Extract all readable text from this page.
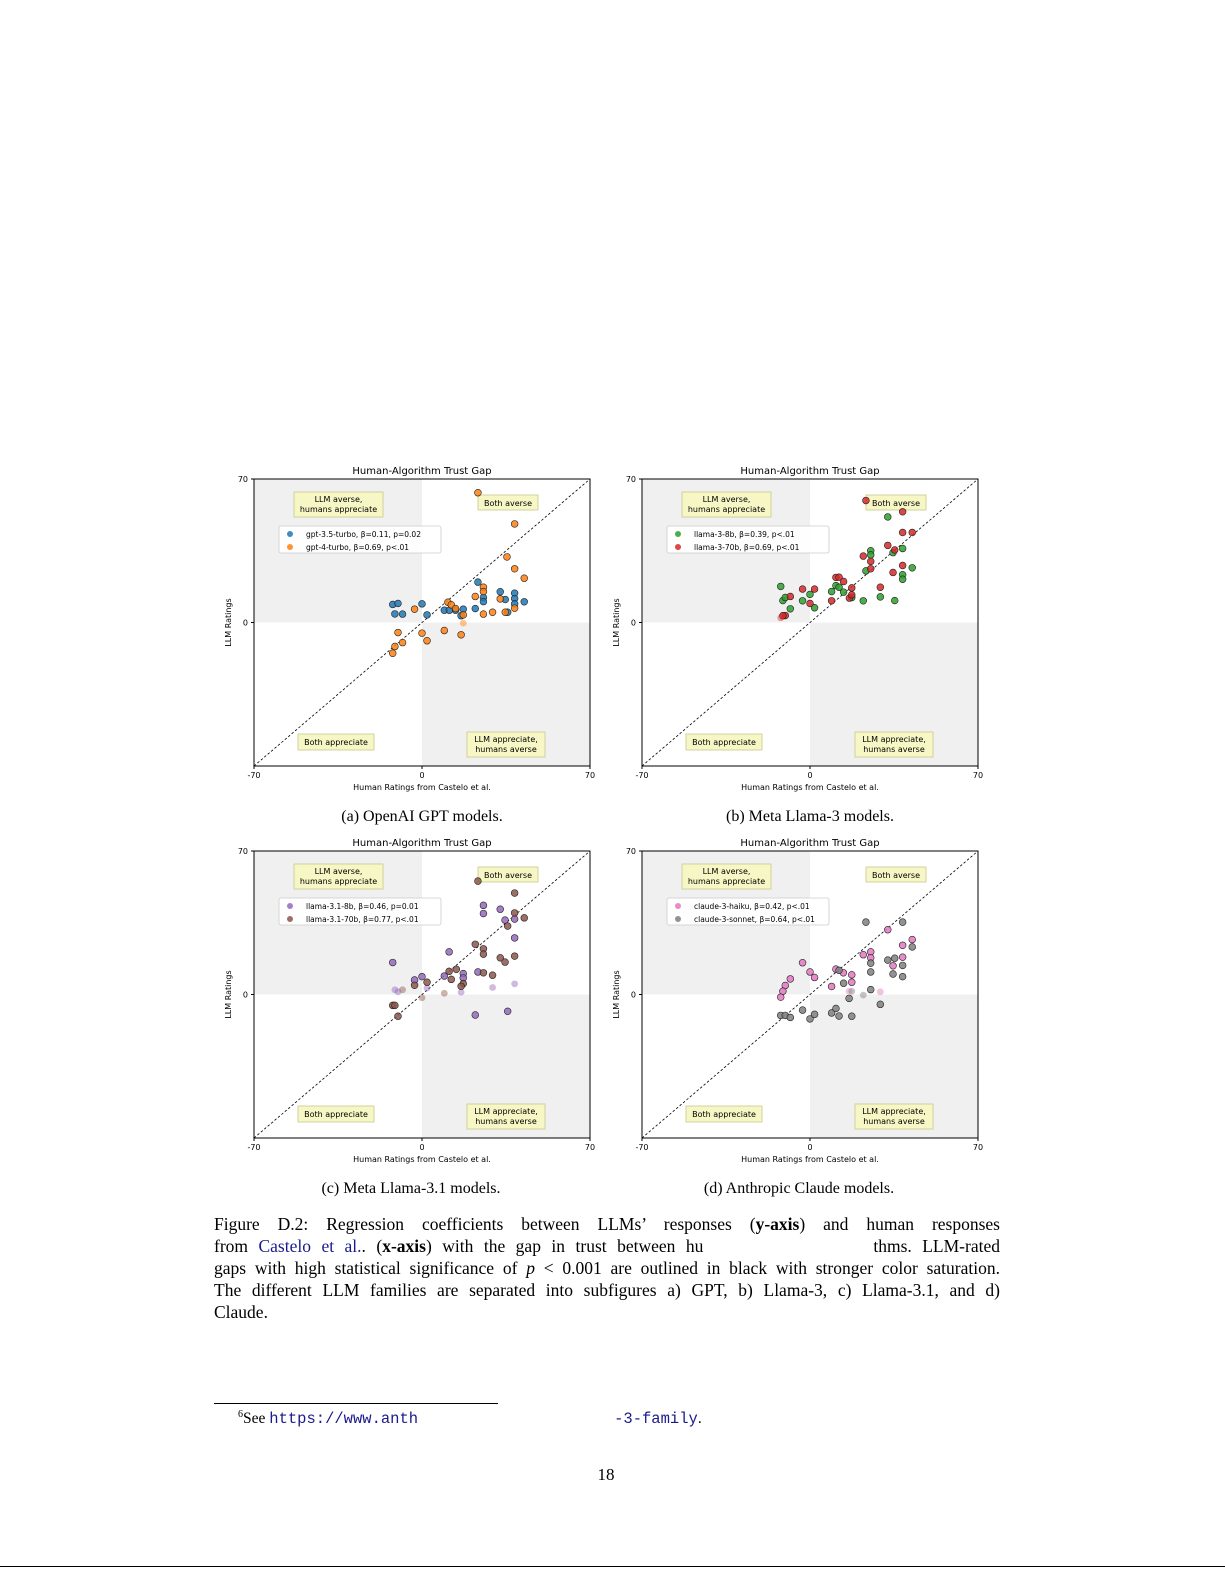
Human-Algorithm Trust Gap
Human Ratings from Castelo et al.
LLM Ratings
-70	0	70
70
0
LLM averse,
humans appreciate
Both averse
Both appreciate	LLM appreciate,
humans averse
gpt-3.5-turbo, β=0.11, p=0.02
gpt-4-turbo, β=0.69, p<.01
Human-Algorithm Trust Gap
Human Ratings from Castelo et al.
LLM Ratings
-70	0	70
70
0
LLM averse,
humans appreciate
Both averse
Both appreciate	LLM appreciate,
humans averse
llama-3-8b, β=0.39, p<.01
llama-3-70b, β=0.69, p<.01
Human-Algorithm Trust Gap
Human Ratings from Castelo et al.
LLM Ratings
-70	0	70
70
0
LLM averse,
humans appreciate
Both averse
Both appreciate	LLM appreciate,
humans averse
llama-3.1-8b, β=0.46, p=0.01
llama-3.1-70b, β=0.77, p<.01
Human-Algorithm Trust Gap
Human Ratings from Castelo et al.
LLM Ratings
-70	0	70
70
0
LLM averse,
humans appreciate
Both averse
Both appreciate	LLM appreciate,
humans averse
claude-3-haiku, β=0.42, p<.01
claude-3-sonnet, β=0.64, p<.01
(a) OpenAI GPT models.	(b) Meta Llama-3 models.
(c) Meta Llama-3.1 models.	(d) Anthropic Claude models.
Figure D.2: Regression coefficients between LLMs’ responses (y-axis) and human responses
from Castelo et al.. (x-axis) with the gap in trust between hu	thms. LLM-rated
gaps with high statistical significance of p < 0.001 are outlined in black with stronger color saturation.
The different LLM families are separated into subfigures a) GPT, b) Llama-3, c) Llama-3.1, and d)
Claude.
$^6$See https://www.anth	-3-family.
18
